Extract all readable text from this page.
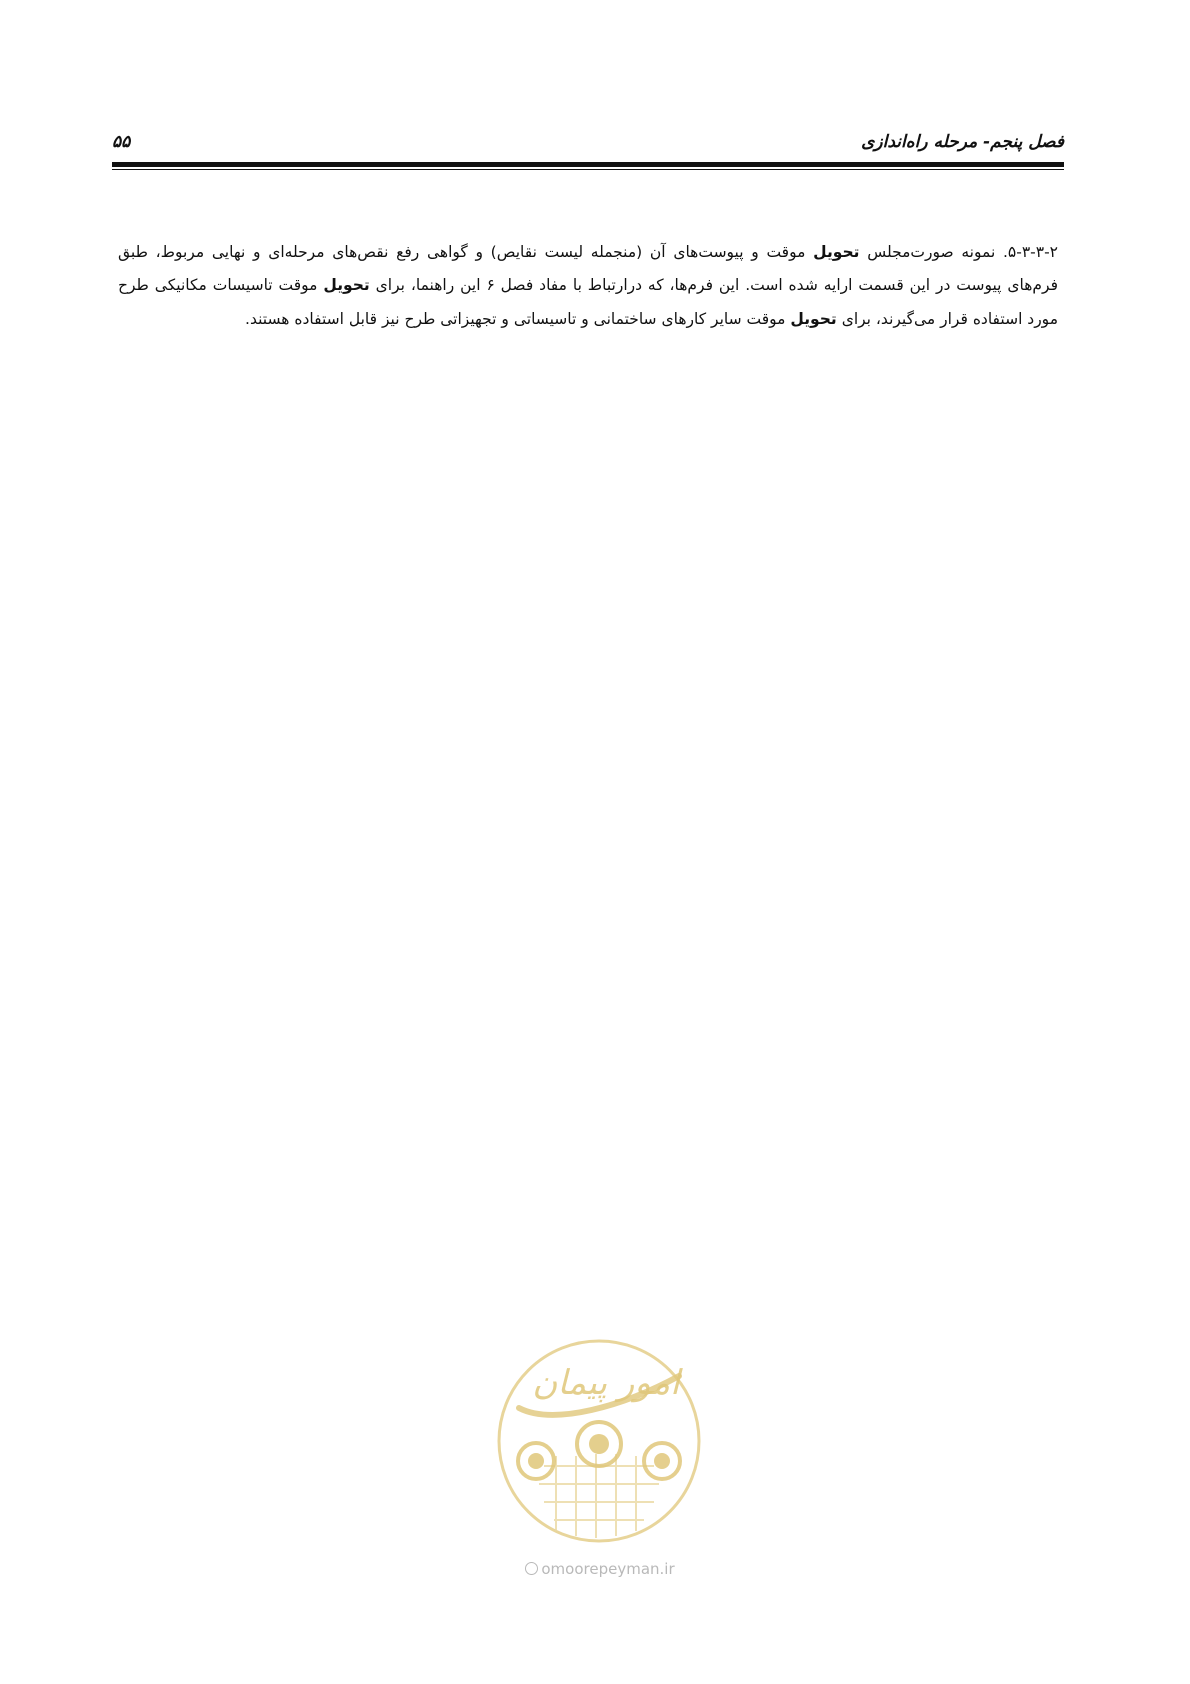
فصل پنجم- مرحله راه‌اندازی
۵۵

۵-۳-۳-۲. نمونه صورت‌مجلس تحویل موقت و پیوست‌های آن (منجمله لیست نقایص) و گواهی رفع نقص‌های مرحله‌ای و نهایی مربوط، طبق فرم‌های پیوست در این قسمت ارایه شده است. این فرم‌ها، که درارتباط با مفاد فصل ۶ این راهنما، برای تحویل موقت تاسیسات مکانیکی طرح مورد استفاده قرار می‌گیرند، برای تحویل موقت سایر کارهای ساختمانی و تاسیساتی و تجهیزاتی طرح نیز قابل استفاده هستند.

امور پیمان
omoorepeyman.ir
